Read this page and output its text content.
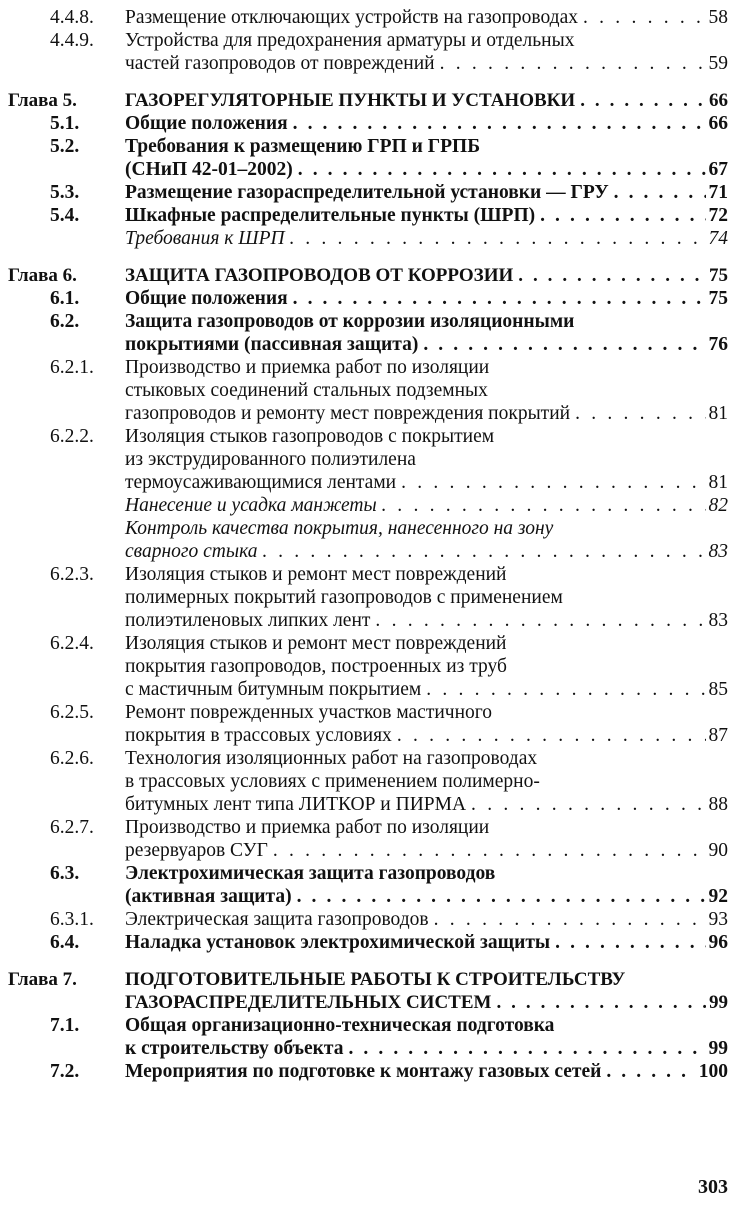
4.4.8. Размещение отключающих устройств на газопроводах . . .	58
4.4.9. Устройства для предохранения арматуры и отдельных
частей газопроводов от повреждений . . .	59
Глава 5.	ГАЗОРЕГУЛЯТОРНЫЕ ПУНКТЫ И УСТАНОВКИ . . .	66
5.1. Общие положения . . .	66
5.2. Требования к размещению ГРП и ГРПБ
(СНиП 42-01–2002) . . .	67
5.3. Размещение газораспределительной установки — ГРУ . . .	71
5.4. Шкафные распределительные пункты (ШРП) . . .	72
Требования к ШРП . . .	74
Глава 6.	ЗАЩИТА ГАЗОПРОВОДОВ ОТ КОРРОЗИИ . . .	75
6.1. Общие положения . . .	75
6.2. Защита газопроводов от коррозии изоляционными
покрытиями (пассивная защита) . . .	76
6.2.1. Производство и приемка работ по изоляции
стыковых соединений стальных подземных
газопроводов и ремонту мест повреждения покрытий . . .	81
6.2.2. Изоляция стыков газопроводов с покрытием
из экструдированного полиэтилена
термоусаживающимися лентами . . .	81
Нанесение и усадка манжеты . . .	82
Контроль качества покрытия, нанесенного на зону
сварного стыка . . .	83
6.2.3. Изоляция стыков и ремонт мест повреждений
полимерных покрытий газопроводов с применением
полиэтиленовых липких лент . . .	83
6.2.4. Изоляция стыков и ремонт мест повреждений
покрытия газопроводов, построенных из труб
с мастичным битумным покрытием . . .	85
6.2.5. Ремонт поврежденных участков мастичного
покрытия в трассовых условиях . . .	87
6.2.6. Технология изоляционных работ на газопроводах
в трассовых условиях с применением полимерно-
битумных лент типа ЛИТКОР и ПИРМА . . .	88
6.2.7. Производство и приемка работ по изоляции
резервуаров СУГ . . .	90
6.3. Электрохимическая защита газопроводов
(активная защита) . . .	92
6.3.1. Электрическая защита газопроводов . . .	93
6.4. Наладка установок электрохимической защиты . . .	96
Глава 7.	ПОДГОТОВИТЕЛЬНЫЕ РАБОТЫ К СТРОИТЕЛЬСТВУ
ГАЗОРАСПРЕДЕЛИТЕЛЬНЫХ СИСТЕМ . . .	99
7.1. Общая организационно-техническая подготовка
к строительству объекта . . .	99
7.2. Мероприятия по подготовке к монтажу газовых сетей . . .	100
303
